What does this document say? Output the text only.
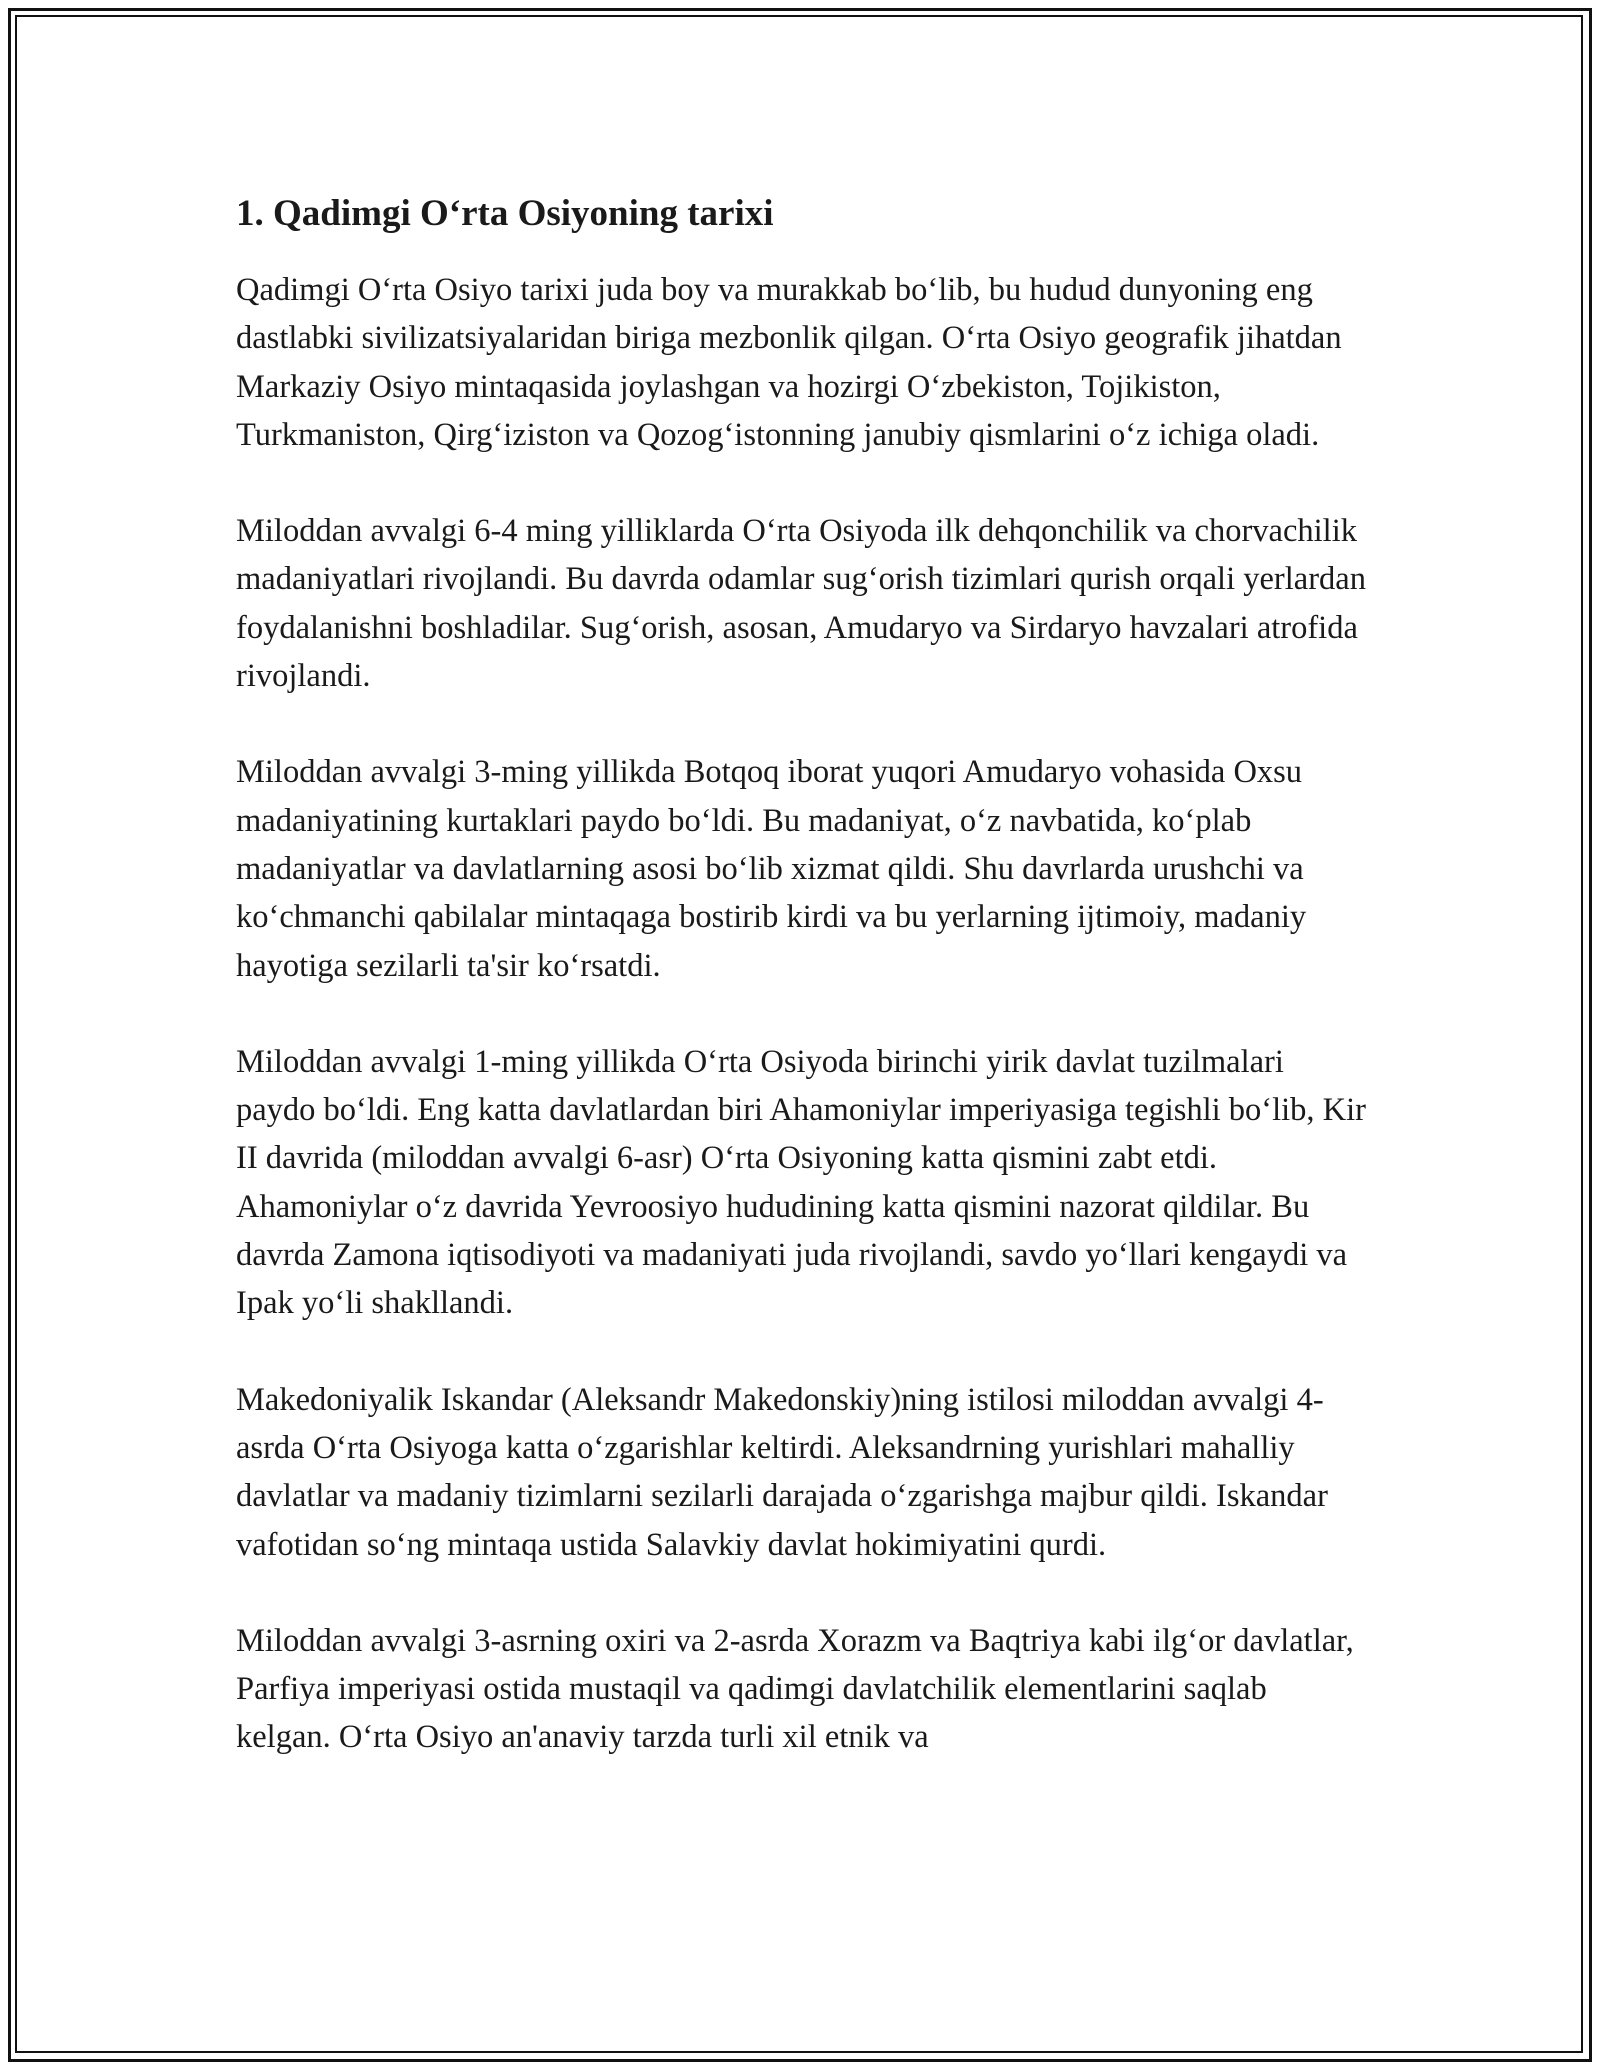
1. Qadimgi O‘rta Osiyoning tarixi

Qadimgi O‘rta Osiyo tarixi juda boy va murakkab bo‘lib, bu hudud dunyoning eng dastlabki sivilizatsiyalaridan biriga mezbonlik qilgan. O‘rta Osiyo geografik jihatdan Markaziy Osiyo mintaqasida joylashgan va hozirgi O‘zbekiston, Tojikiston, Turkmaniston, Qirg‘iziston va Qozog‘istonning janubiy qismlarini o‘z ichiga oladi.

Miloddan avvalgi 6-4 ming yilliklarda O‘rta Osiyoda ilk dehqonchilik va chorvachilik madaniyatlari rivojlandi. Bu davrda odamlar sug‘orish tizimlari qurish orqali yerlardan foydalanishni boshladilar. Sug‘orish, asosan, Amudaryo va Sirdaryo havzalari atrofida rivojlandi.

Miloddan avvalgi 3-ming yillikda Botqoq iborat yuqori Amudaryo vohasida Oxsu madaniyatining kurtaklari paydo bo‘ldi. Bu madaniyat, o‘z navbatida, ko‘plab madaniyatlar va davlatlarning asosi bo‘lib xizmat qildi. Shu davrlarda urushchi va ko‘chmanchi qabilalar mintaqaga bostirib kirdi va bu yerlarning ijtimoiy, madaniy hayotiga sezilarli ta'sir ko‘rsatdi.

Miloddan avvalgi 1-ming yillikda O‘rta Osiyoda birinchi yirik davlat tuzilmalari paydo bo‘ldi. Eng katta davlatlardan biri Ahamoniylar imperiyasiga tegishli bo‘lib, Kir II davrida (miloddan avvalgi 6-asr) O‘rta Osiyoning katta qismini zabt etdi. Ahamoniylar o‘z davrida Yevroosiyo hududining katta qismini nazorat qildilar. Bu davrda Zamona iqtisodiyoti va madaniyati juda rivojlandi, savdo yo‘llari kengaydi va Ipak yo‘li shakllandi.

Makedoniyalik Iskandar (Aleksandr Makedonskiy)ning istilosi miloddan avvalgi 4-asrda O‘rta Osiyoga katta o‘zgarishlar keltirdi. Aleksandrning yurishlari mahalliy davlatlar va madaniy tizimlarni sezilarli darajada o‘zgarishga majbur qildi. Iskandar vafotidan so‘ng mintaqa ustida Salavkiy davlat hokimiyatini qurdi.

Miloddan avvalgi 3-asrning oxiri va 2-asrda Xorazm va Baqtriya kabi ilg‘or davlatlar, Parfiya imperiyasi ostida mustaqil va qadimgi davlatchilik elementlarini saqlab kelgan. O‘rta Osiyo an'anaviy tarzda turli xil etnik va
